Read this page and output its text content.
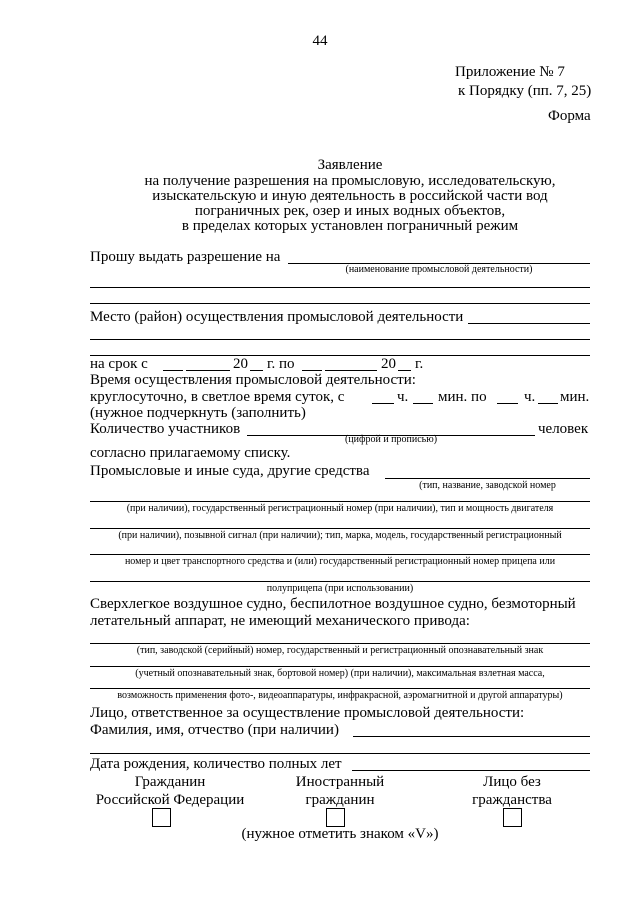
44
Приложение № 7
к Порядку (пп. 7, 25)
Форма
Заявление
на получение разрешения на промысловую, исследовательскую,
изыскательскую и иную деятельность в российской части вод
пограничных рек, озер и иных водных объектов,
в пределах которых установлен пограничный режим
Прошу выдать разрешение на
(наименование промысловой деятельности)
Место (район) осуществления промысловой деятельности
на срок с	20 г. по	20 г.
Время осуществления промысловой деятельности:
круглосуточно, в светлое время суток, с	ч. мин. по ч. мин.
(нужное подчеркнуть (заполнить)
Количество участников	человек
(цифрой и прописью)
согласно прилагаемому списку.
Промысловые и иные суда, другие средства
(тип, название, заводской номер
(при наличии), государственный регистрационный номер (при наличии), тип и мощность двигателя
(при наличии), позывной сигнал (при наличии); тип, марка, модель, государственный регистрационный
номер и цвет транспортного средства и (или) государственный регистрационный номер прицепа или
полуприцепа (при использовании)
Сверхлегкое воздушное судно, беспилотное воздушное судно, безмоторный
летательный аппарат, не имеющий механического привода:
(тип, заводской (серийный) номер, государственный и регистрационный опознавательный знак
(учетный опознавательный знак, бортовой номер) (при наличии), максимальная взлетная масса,
возможность применения фото-, видеоаппаратуры, инфракрасной, аэромагнитной и другой аппаратуры)
Лицо, ответственное за осуществление промысловой деятельности:
Фамилия, имя, отчество (при наличии)
Дата рождения, количество полных лет
Гражданин
Российской Федерации
Иностранный
гражданин
Лицо без
гражданства
(нужное отметить знаком «V»)
